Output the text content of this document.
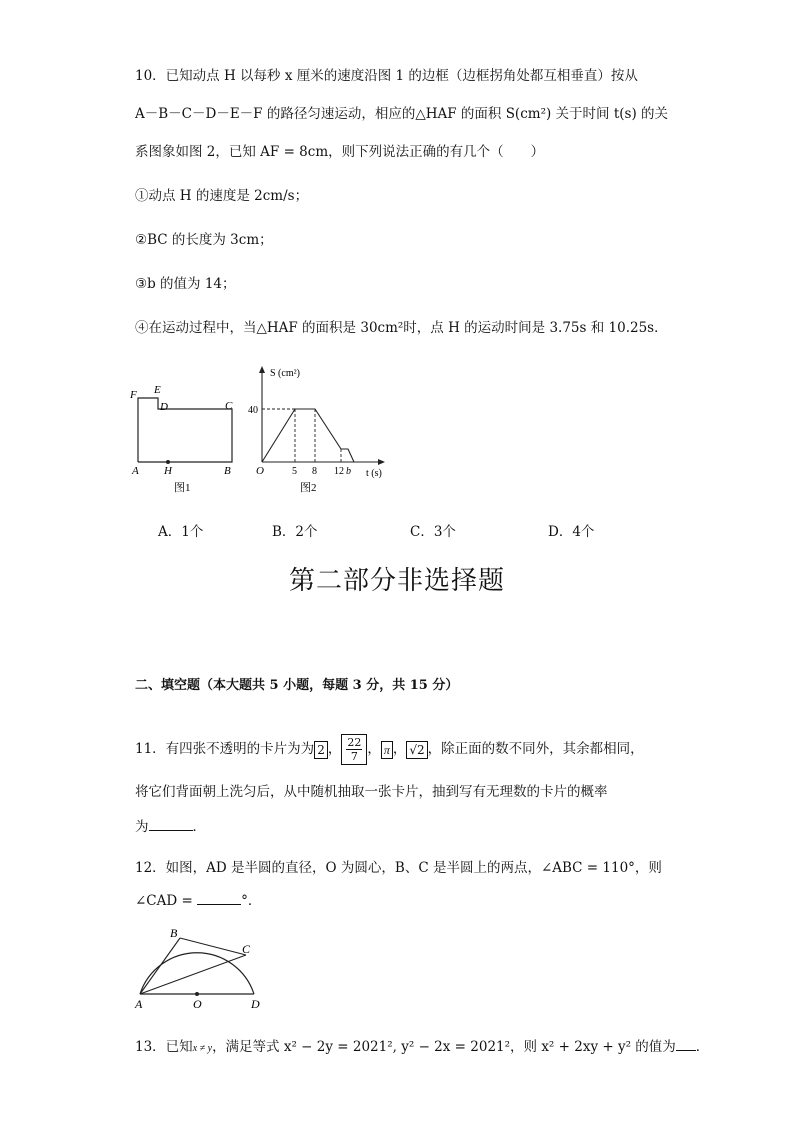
10．已知动点 H 以每秒 x 厘米的速度沿图 1 的边框（边框拐角处都互相垂直）按从
A－B－C－D－E－F 的路径匀速运动，相应的△HAF 的面积 S(cm²) 关于时间 t(s) 的关
系图象如图 2，已知 AF = 8cm，则下列说法正确的有几个（　　）
①动点 H 的速度是 2cm/s；
②BC 的长度为 3cm；
③b 的值为 14；
④在运动过程中，当△HAF 的面积是 30cm²时，点 H 的运动时间是 3.75s 和 10.25s．
F E
D	C
A H	B
图1
S (cm²)
40
O	5 8 12 b t (s)
图2
A．1个	B．2个	C．3个	D．4个
第二部分非选择题
二、填空题（本大题共 5 小题，每题 3 分，共 15 分）
11．有四张不透明的卡片为为 2 ， $\frac{22}{7}$ ， π ， √2 ，除正面的数不同外，其余都相同，
将它们背面朝上洗匀后，从中随机抽取一张卡片，抽到写有无理数的卡片的概率
为	．
12．如图，AD 是半圆的直径，O 为圆心，B、C 是半圆上的两点，∠ABC = 110°，则
∠CAD =	°．
B
C
A	O	D
13．已知x ≠ y，满足等式 x² − 2y = 2021², y² − 2x = 2021²，则 x² + 2xy + y² 的值为 ．
